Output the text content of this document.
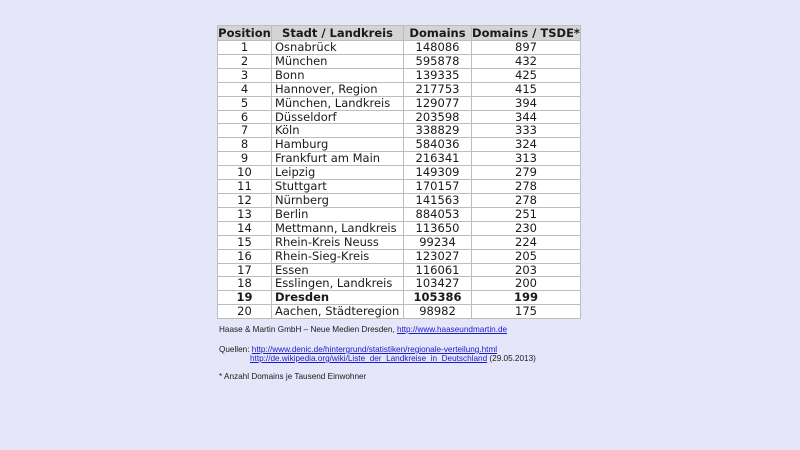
Position	Stadt / Landkreis	Domains	Domains / TSDE*
1	Osnabrück	148086	897
2	München	595878	432
3	Bonn	139335	425
4	Hannover, Region	217753	415
5	München, Landkreis	129077	394
6	Düsseldorf	203598	344
7	Köln	338829	333
8	Hamburg	584036	324
9	Frankfurt am Main	216341	313
10	Leipzig	149309	279
11	Stuttgart	170157	278
12	Nürnberg	141563	278
13	Berlin	884053	251
14	Mettmann, Landkreis	113650	230
15	Rhein-Kreis Neuss	99234	224
16	Rhein-Sieg-Kreis	123027	205
17	Essen	116061	203
18	Esslingen, Landkreis	103427	200
19	Dresden	105386	199
20	Aachen, Städteregion	98982	175
Haase & Martin GmbH – Neue Medien Dresden, http://www.haaseundmartin.de
Quellen: http://www.denic.de/hintergrund/statistiken/regionale-verteilung.html
http://de.wikipedia.org/wiki/Liste_der_Landkreise_in_Deutschland (29.05.2013)
* Anzahl Domains je Tausend Einwohner
